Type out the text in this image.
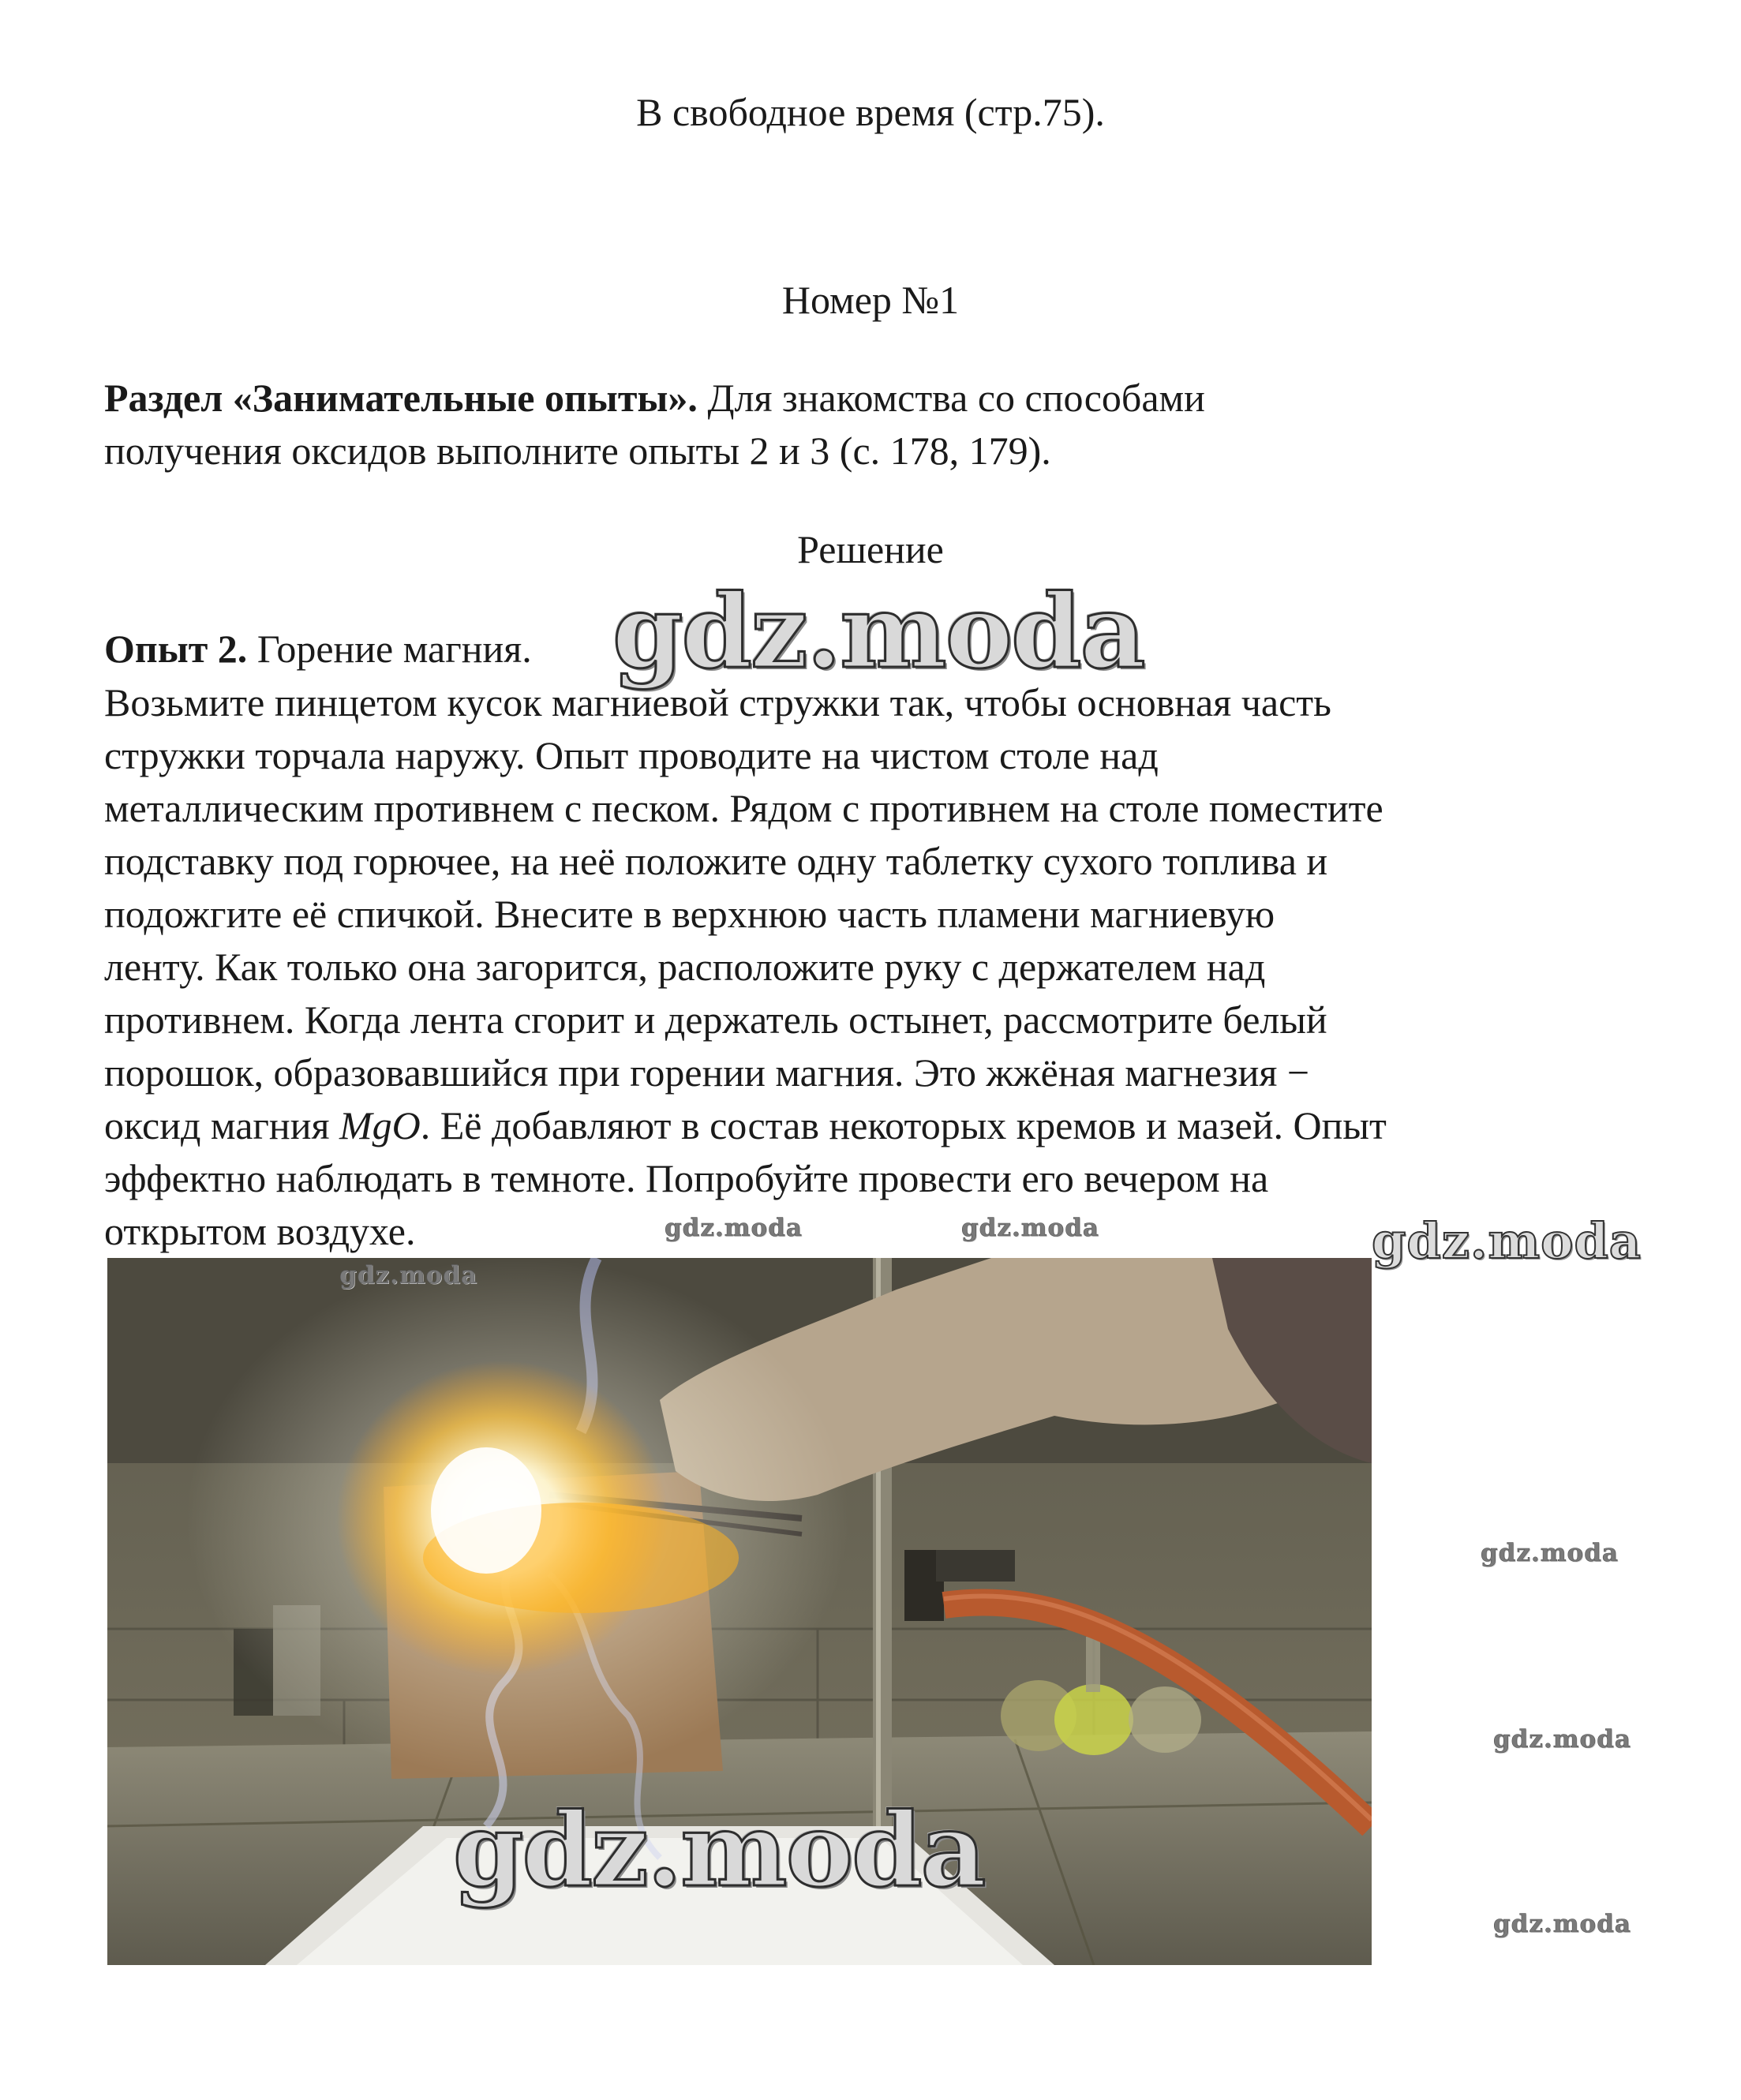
В свободное время (стр.75).
Номер №1
Раздел «Занимательные опыты». Для знакомства со способами
получения оксидов выполните опыты 2 и 3 (с. 178, 179).
Решение
Опыт 2. Горение магния.
Возьмите пинцетом кусок магниевой стружки так, чтобы основная часть
стружки торчала наружу. Опыт проводите на чистом столе над
металлическим противнем с песком. Рядом с противнем на столе поместите
подставку под горючее, на неё положите одну таблетку сухого топлива и
подожгите её спичкой. Внесите в верхнюю часть пламени магниевую
ленту. Как только она загорится, расположите руку с держателем над
противнем. Когда лента сгорит и держатель остынет, рассмотрите белый
порошок, образовавшийся при горении магния. Это жжёная магнезия −
оксид магния MgO. Её добавляют в состав некоторых кремов и мазей. Опыт
эффектно наблюдать в темноте. Попробуйте провести его вечером на
открытом воздухе.
gdz.moda
gdz.moda	gdz.moda	gdz.moda
gdz.moda
gdz.moda
gdz.moda
gdz.moda
gdz.moda
